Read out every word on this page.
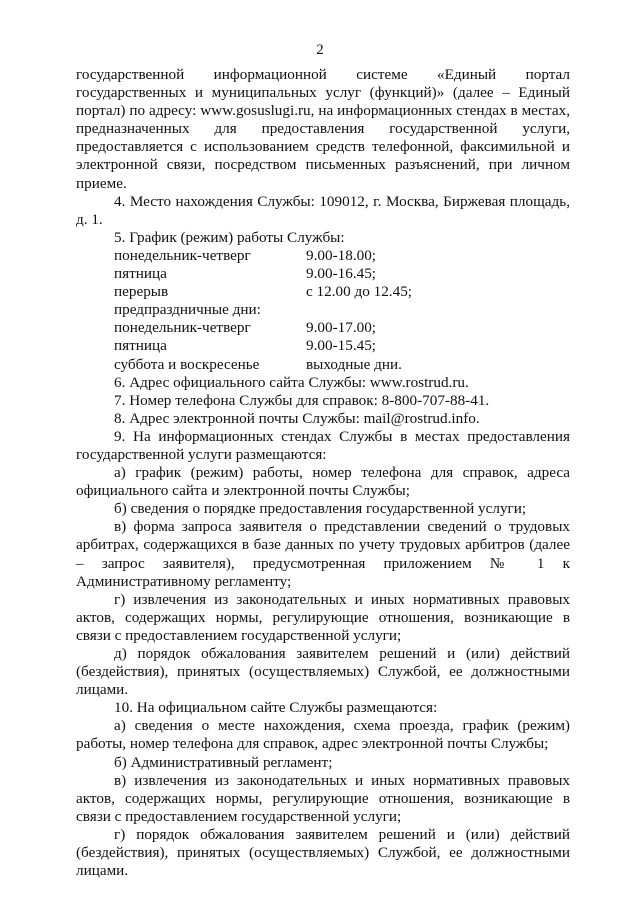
2

государственной информационной системе «Единый портал государственных и муниципальных услуг (функций)» (далее – Единый портал) по адресу: www.gosuslugi.ru, на информационных стендах в местах, предназначенных для предоставления государственной услуги, предоставляется с использованием средств телефонной, факсимильной и электронной связи, посредством письменных разъяснений, при личном приеме.

4. Место нахождения Службы: 109012, г. Москва, Биржевая площадь, д. 1.

5. График (режим) работы Службы:

понедельник-четверг	9.00-18.00;
пятница	9.00-16.45;
перерыв	с 12.00 до 12.45;
предпраздничные дни:
понедельник-четверг	9.00-17.00;
пятница	9.00-15.45;
суббота и воскресенье	выходные дни.

6. Адрес официального сайта Службы: www.rostrud.ru.

7. Номер телефона Службы для справок: 8-800-707-88-41.

8. Адрес электронной почты Службы: mail@rostrud.info.

9. На информационных стендах Службы в местах предоставления государственной услуги размещаются:

а) график (режим) работы, номер телефона для справок, адреса официального сайта и электронной почты Службы;

б) сведения о порядке предоставления государственной услуги;

в) форма запроса заявителя о представлении сведений о трудовых арбитрах, содержащихся в базе данных по учету трудовых арбитров (далее – запрос заявителя), предусмотренная приложением № 1 к Административному регламенту;

г) извлечения из законодательных и иных нормативных правовых актов, содержащих нормы, регулирующие отношения, возникающие в связи с предоставлением государственной услуги;

д) порядок обжалования заявителем решений и (или) действий (бездействия), принятых (осуществляемых) Службой, ее должностными лицами.

10. На официальном сайте Службы размещаются:

а) сведения о месте нахождения, схема проезда, график (режим) работы, номер телефона для справок, адрес электронной почты Службы;

б) Административный регламент;

в) извлечения из законодательных и иных нормативных правовых актов, содержащих нормы, регулирующие отношения, возникающие в связи с предоставлением государственной услуги;

г) порядок обжалования заявителем решений и (или) действий (бездействия), принятых (осуществляемых) Службой, ее должностными лицами.
